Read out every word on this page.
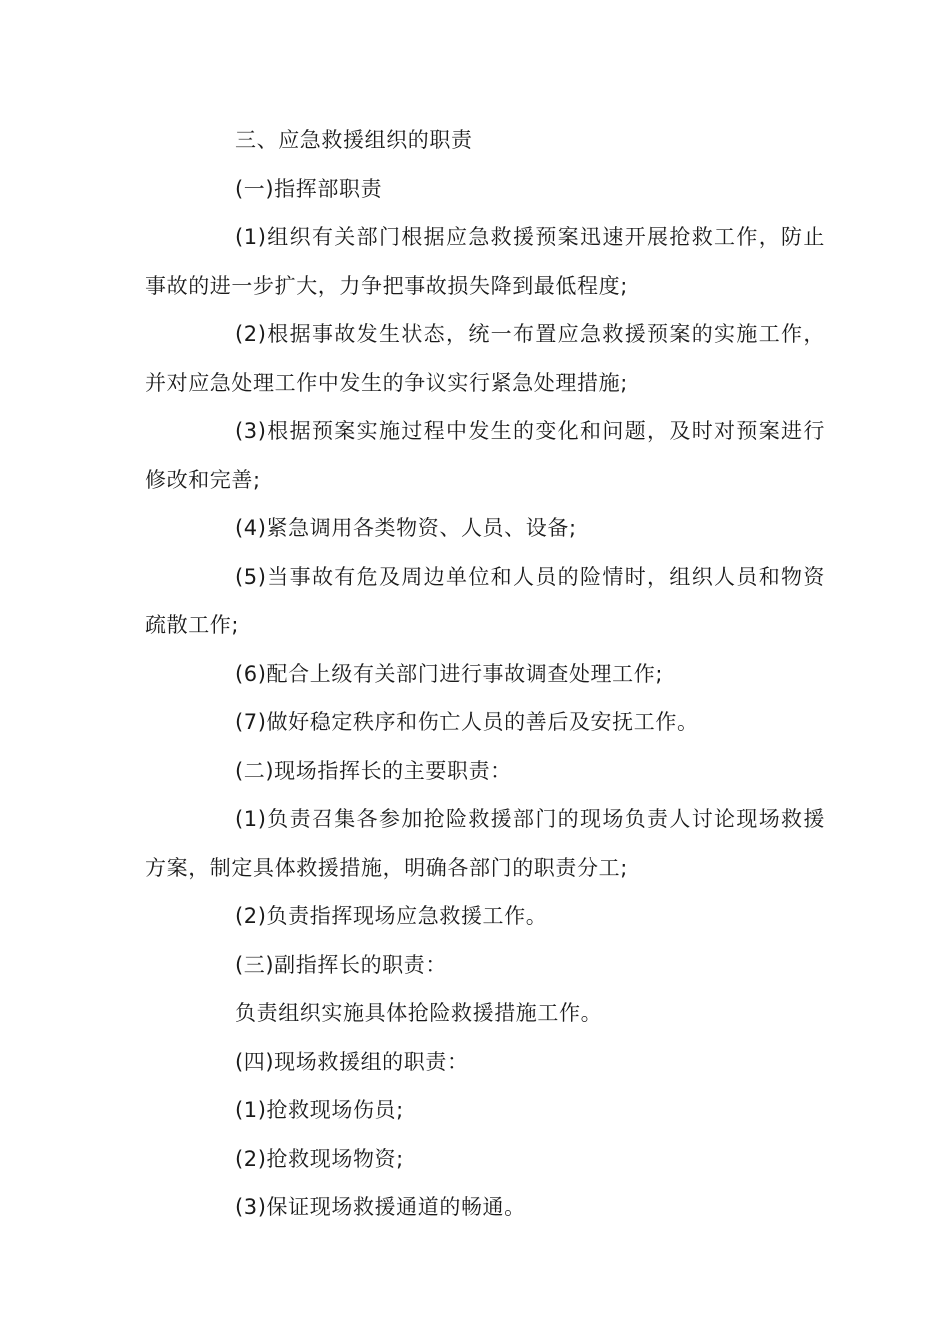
三、应急救援组织的职责

(一)指挥部职责

(1)组织有关部门根据应急救援预案迅速开展抢救工作，防止事故的进一步扩大，力争把事故损失降到最低程度;

(2)根据事故发生状态，统一布置应急救援预案的实施工作，并对应急处理工作中发生的争议实行紧急处理措施;

(3)根据预案实施过程中发生的变化和问题，及时对预案进行修改和完善;

(4)紧急调用各类物资、人员、设备;

(5)当事故有危及周边单位和人员的险情时，组织人员和物资疏散工作;

(6)配合上级有关部门进行事故调查处理工作;

(7)做好稳定秩序和伤亡人员的善后及安抚工作。

(二)现场指挥长的主要职责：

(1)负责召集各参加抢险救援部门的现场负责人讨论现场救援方案，制定具体救援措施，明确各部门的职责分工;

(2)负责指挥现场应急救援工作。

(三)副指挥长的职责：

负责组织实施具体抢险救援措施工作。

(四)现场救援组的职责：

(1)抢救现场伤员;

(2)抢救现场物资;

(3)保证现场救援通道的畅通。
